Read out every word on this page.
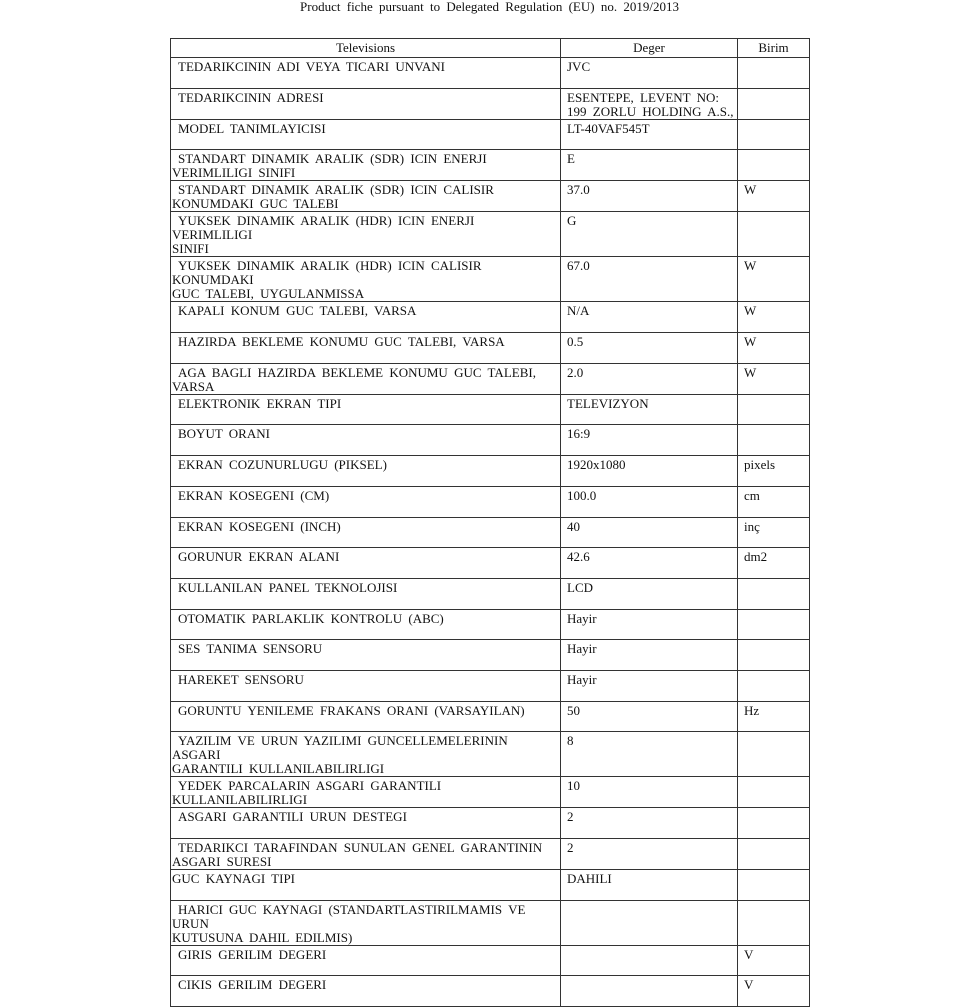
Product fiche pursuant to Delegated Regulation (EU) no. 2019/2013
Televisions	Deger	Birim
TEDARIKCININ ADI VEYA TICARI UNVANI	JVC	
TEDARIKCININ ADRESI	ESENTEPE, LEVENT NO:
199 ZORLU HOLDING A.S.,	
MODEL TANIMLAYICISI	LT-40VAF545T	
STANDART DINAMIK ARALIK (SDR) ICIN ENERJI
VERIMLILIGI SINIFI	E	
STANDART DINAMIK ARALIK (SDR) ICIN CALISIR
KONUMDAKI GUC TALEBI	37.0	W
YUKSEK DINAMIK ARALIK (HDR) ICIN ENERJI VERIMLILIGI
SINIFI	G	
YUKSEK DINAMIK ARALIK (HDR) ICIN CALISIR KONUMDAKI
GUC TALEBI, UYGULANMISSA	67.0	W
KAPALI KONUM GUC TALEBI, VARSA	N/A	W
HAZIRDA BEKLEME KONUMU GUC TALEBI, VARSA	0.5	W
AGA BAGLI HAZIRDA BEKLEME KONUMU GUC TALEBI,
VARSA	2.0	W
ELEKTRONIK EKRAN TIPI	TELEVIZYON	
BOYUT ORANI	16:9	
EKRAN COZUNURLUGU (PIKSEL)	1920x1080	pixels
EKRAN KOSEGENI (CM)	100.0	cm
EKRAN KOSEGENI (INCH)	40	inç
GORUNUR EKRAN ALANI	42.6	dm2
KULLANILAN PANEL TEKNOLOJISI	LCD	
OTOMATIK PARLAKLIK KONTROLU (ABC)	Hayir	
SES TANIMA SENSORU	Hayir	
HAREKET SENSORU	Hayir	
GORUNTU YENILEME FRAKANS ORANI (VARSAYILAN)	50	Hz
YAZILIM VE URUN YAZILIMI GUNCELLEMELERININ ASGARI
GARANTILI KULLANILABILIRLIGI	8	
YEDEK PARCALARIN ASGARI GARANTILI
KULLANILABILIRLIGI	10	
ASGARI GARANTILI URUN DESTEGI	2	
TEDARIKCI TARAFINDAN SUNULAN GENEL GARANTININ
ASGARI SURESI	2	
GUC KAYNAGI TIPI	DAHILI	
HARICI GUC KAYNAGI (STANDARTLASTIRILMAMIS VE URUN
KUTUSUNA DAHIL EDILMIS)		
GIRIS GERILIM DEGERI		V
CIKIS GERILIM DEGERI		V
